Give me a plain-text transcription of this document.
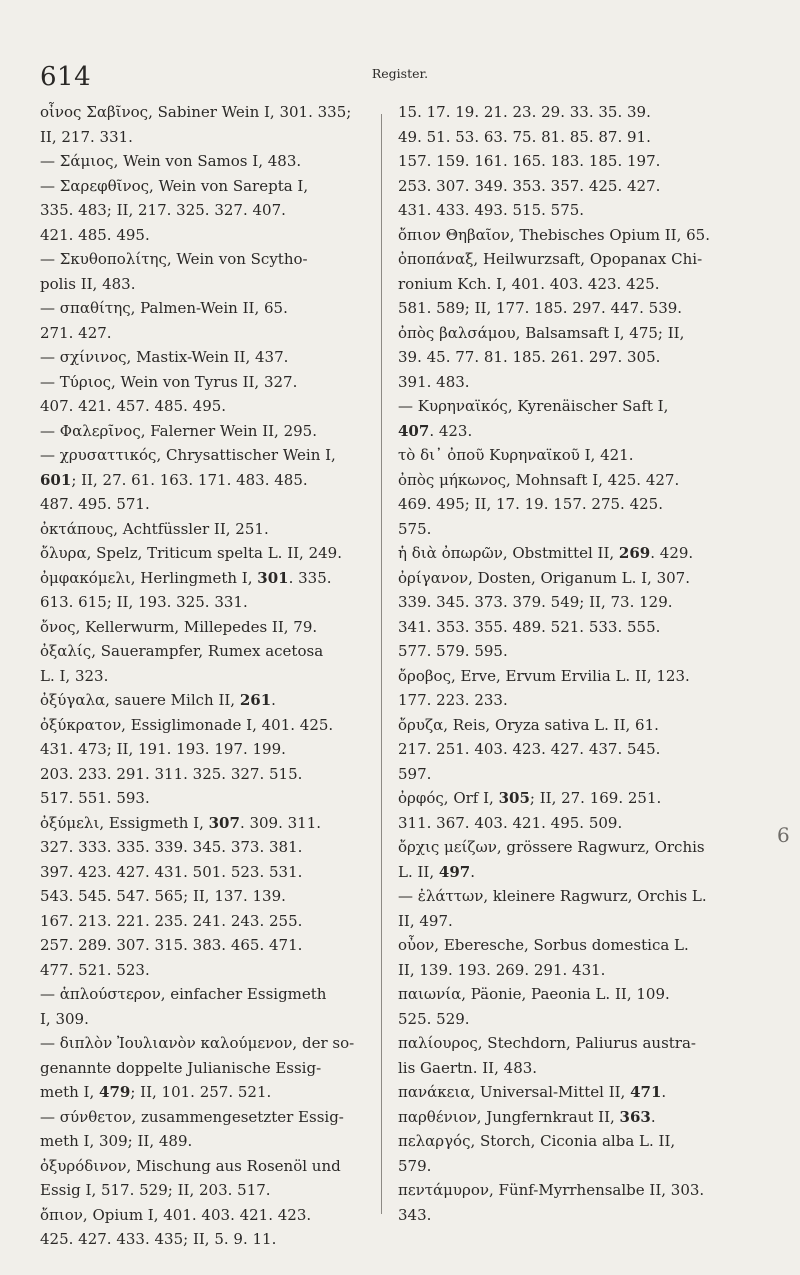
614	Register.
οἶνος Σαβῖνος, Sabiner Wein I, 301. 335;
II, 217. 331.
— Σάμιος, Wein von Samos I, 483.
— Σαρεφθῖνος, Wein von Sarepta I,
335. 483; II, 217. 325. 327. 407.
421. 485. 495.
— Σκυθοπολίτης, Wein von Scytho-
polis II, 483.
— σπαθίτης, Palmen-Wein II, 65.
271. 427.
— σχίνινος, Mastix-Wein II, 437.
— Τύριος, Wein von Tyrus II, 327.
407. 421. 457. 485. 495.
— Φαλερῖνος, Falerner Wein II, 295.
— χρυσαττικός, Chrysattischer Wein I,
601; II, 27. 61. 163. 171. 483. 485.
487. 495. 571.
ὀκτάπους, Achtfüssler II, 251.
ὄλυρα, Spelz, Triticum spelta L. II, 249.
ὀμφακόμελι, Herlingmeth I, 301. 335.
613. 615; II, 193. 325. 331.
ὄνος, Kellerwurm, Millepedes II, 79.
ὀξαλίς, Sauerampfer, Rumex acetosa
L. I, 323.
ὀξύγαλα, sauere Milch II, 261.
ὀξύκρατον, Essiglimonade I, 401. 425.
431. 473; II, 191. 193. 197. 199.
203. 233. 291. 311. 325. 327. 515.
517. 551. 593.
ὀξύμελι, Essigmeth I, 307. 309. 311.
327. 333. 335. 339. 345. 373. 381.
397. 423. 427. 431. 501. 523. 531.
543. 545. 547. 565; II, 137. 139.
167. 213. 221. 235. 241. 243. 255.
257. 289. 307. 315. 383. 465. 471.
477. 521. 523.
— ἁπλούστερον, einfacher Essigmeth
I, 309.
— διπλὸν Ἰουλιανὸν καλούμενον, der so-
genannte doppelte Julianische Essig-
meth I, 479; II, 101. 257. 521.
— σύνθετον, zusammengesetzter Essig-
meth I, 309; II, 489.
ὀξυρόδινον, Mischung aus Rosenöl und
Essig I, 517. 529; II, 203. 517.
ὄπιον, Opium I, 401. 403. 421. 423.
425. 427. 433. 435; II, 5. 9. 11.
15. 17. 19. 21. 23. 29. 33. 35. 39.
49. 51. 53. 63. 75. 81. 85. 87. 91.
157. 159. 161. 165. 183. 185. 197.
253. 307. 349. 353. 357. 425. 427.
431. 433. 493. 515. 575.
ὄπιον Θηβαῖον, Thebisches Opium II, 65.
ὀποπάναξ, Heilwurzsaft, Opopanax Chi-
ronium Kch. I, 401. 403. 423. 425.
581. 589; II, 177. 185. 297. 447. 539.
ὀπὸς βαλσάμου, Balsamsaft I, 475; II,
39. 45. 77. 81. 185. 261. 297. 305.
391. 483.
— Κυρηναϊκός, Kyrenäischer Saft I,
407. 423.
τὸ δι᾽ ὀποῦ Κυρηναϊκοῦ I, 421.
ὀπὸς μήκωνος, Mohnsaft I, 425. 427.
469. 495; II, 17. 19. 157. 275. 425.
575.
ἡ διὰ ὀπωρῶν, Obstmittel II, 269. 429.
ὀρίγανον, Dosten, Origanum L. I, 307.
339. 345. 373. 379. 549; II, 73. 129.
341. 353. 355. 489. 521. 533. 555.
577. 579. 595.
ὄροβος, Erve, Ervum Ervilia L. II, 123.
177. 223. 233.
ὄρυζα, Reis, Oryza sativa L. II, 61.
217. 251. 403. 423. 427. 437. 545.
597.
ὀρφός, Orf I, 305; II, 27. 169. 251.
311. 367. 403. 421. 495. 509.
ὄρχις μείζων, grössere Ragwurz, Orchis
L. II, 497.
— ἐλάττων, kleinere Ragwurz, Orchis L.
II, 497.
οὖον, Eberesche, Sorbus domestica L.
II, 139. 193. 269. 291. 431.
παιωνία, Päonie, Paeonia L. II, 109.
525. 529.
παλίουρος, Stechdorn, Paliurus austra-
lis Gaertn. II, 483.
πανάκεια, Universal-Mittel II, 471.
παρθένιον, Jungfernkraut II, 363.
πελαργός, Storch, Ciconia alba L. II,
579.
πεντάμυρον, Fünf-Myrrhensalbe II, 303.
343.
6
